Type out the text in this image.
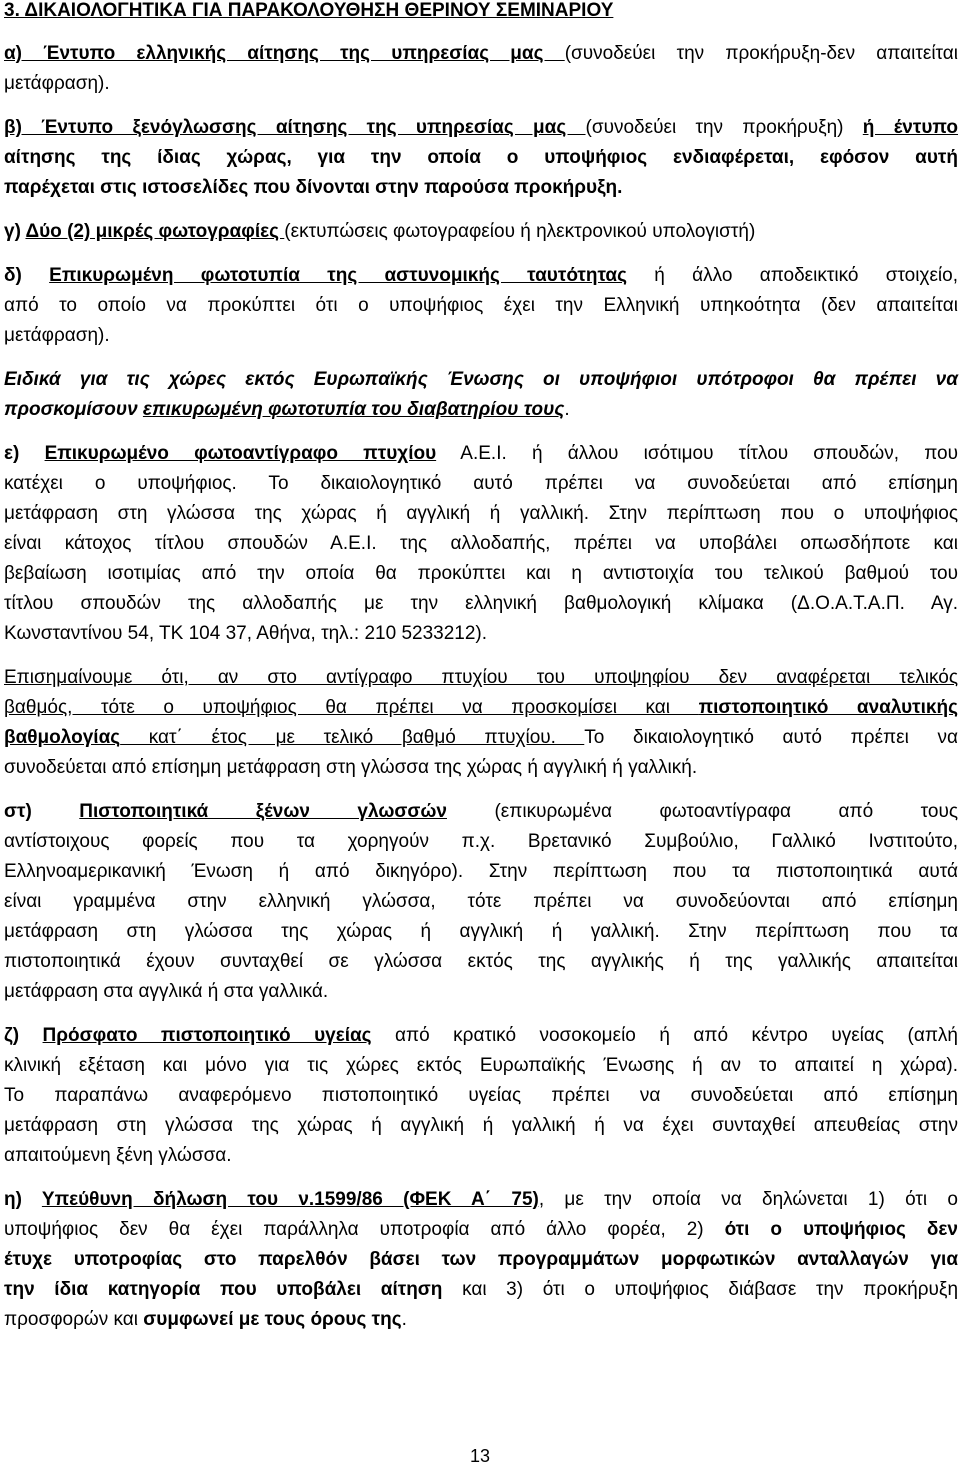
3. ΔΙΚΑΙΟΛΟΓΗΤΙΚΑ ΓΙΑ ΠΑΡΑΚΟΛΟΥΘΗΣΗ ΘΕΡΙΝΟΥ ΣΕΜΙΝΑΡΙΟΥ
α) Έντυπο ελληνικής αίτησης της υπηρεσίας μας (συνοδεύει την προκήρυξη-δεν απαιτείται
μετάφραση).
β) Έντυπο ξενόγλωσσης αίτησης της υπηρεσίας μας (συνοδεύει την προκήρυξη) ή έντυπο
αίτησης της ίδιας χώρας, για την οποία ο υποψήφιος ενδιαφέρεται, εφόσον αυτή
παρέχεται στις ιστοσελίδες που δίνονται στην παρούσα προκήρυξη.
γ) Δύο (2) μικρές φωτογραφίες (εκτυπώσεις φωτογραφείου ή ηλεκτρονικού υπολογιστή)
δ) Επικυρωμένη φωτοτυπία της αστυνομικής ταυτότητας ή άλλο αποδεικτικό στοιχείο,
από το οποίο να προκύπτει ότι ο υποψήφιος έχει την Ελληνική υπηκοότητα (δεν απαιτείται
μετάφραση).
Ειδικά για τις χώρες εκτός Ευρωπαϊκής Ένωσης οι υποψήφιοι υπότροφοι θα πρέπει να
προσκομίσουν επικυρωμένη φωτοτυπία του διαβατηρίου τους.
ε) Επικυρωμένο φωτοαντίγραφο πτυχίου Α.Ε.Ι. ή άλλου ισότιμου τίτλου σπουδών, που
κατέχει ο υποψήφιος. Το δικαιολογητικό αυτό πρέπει να συνοδεύεται από επίσημη
μετάφραση στη γλώσσα της χώρας ή αγγλική ή γαλλική. Στην περίπτωση που ο υποψήφιος
είναι κάτοχος τίτλου σπουδών Α.Ε.Ι. της αλλοδαπής, πρέπει να υποβάλει οπωσδήποτε και
βεβαίωση ισοτιμίας από την οποία θα προκύπτει και η αντιστοιχία του τελικού βαθμού του
τίτλου σπουδών της αλλοδαπής με την ελληνική βαθμολογική κλίμακα (Δ.Ο.Α.Τ.Α.Π. Αγ.
Κωνσταντίνου 54, ΤΚ 104 37, Αθήνα, τηλ.: 210 5233212).
Επισημαίνουμε ότι, αν στο αντίγραφο πτυχίου του υποψηφίου δεν αναφέρεται τελικός
βαθμός, τότε ο υποψήφιος θα πρέπει να προσκομίσει και πιστοποιητικό αναλυτικής
βαθμολογίας κατ΄ έτος με τελικό βαθμό πτυχίου. Το δικαιολογητικό αυτό πρέπει να
συνοδεύεται από επίσημη μετάφραση στη γλώσσα της χώρας ή αγγλική ή γαλλική.
στ) Πιστοποιητικά ξένων γλωσσών (επικυρωμένα φωτοαντίγραφα από τους
αντίστοιχους φορείς που τα χορηγούν π.χ. Βρετανικό Συμβούλιο, Γαλλικό Ινστιτούτο,
Ελληνοαμερικανική Ένωση ή από δικηγόρο). Στην περίπτωση που τα πιστοποιητικά αυτά
είναι γραμμένα στην ελληνική γλώσσα, τότε πρέπει να συνοδεύονται από επίσημη
μετάφραση στη γλώσσα της χώρας ή αγγλική ή γαλλική. Στην περίπτωση που τα
πιστοποιητικά έχουν συνταχθεί σε γλώσσα εκτός της αγγλικής ή της γαλλικής απαιτείται
μετάφραση στα αγγλικά ή στα γαλλικά.
ζ) Πρόσφατο πιστοποιητικό υγείας από κρατικό νοσοκομείο ή από κέντρο υγείας (απλή
κλινική εξέταση και μόνο για τις χώρες εκτός Ευρωπαϊκής Ένωσης ή αν το απαιτεί η χώρα).
Το παραπάνω αναφερόμενο πιστοποιητικό υγείας πρέπει να συνοδεύεται από επίσημη
μετάφραση στη γλώσσα της χώρας ή αγγλική ή γαλλική ή να έχει συνταχθεί απευθείας στην
απαιτούμενη ξένη γλώσσα.
η) Υπεύθυνη δήλωση του ν.1599/86 (ΦΕΚ Α΄ 75), με την οποία να δηλώνεται 1) ότι ο
υποψήφιος δεν θα έχει παράλληλα υποτροφία από άλλο φορέα, 2) ότι ο υποψήφιος δεν
έτυχε υποτροφίας στο παρελθόν βάσει των προγραμμάτων μορφωτικών ανταλλαγών για
την ίδια κατηγορία που υποβάλει αίτηση και 3) ότι ο υποψήφιος διάβασε την προκήρυξη
προσφορών και συμφωνεί με τους όρους της.
13
